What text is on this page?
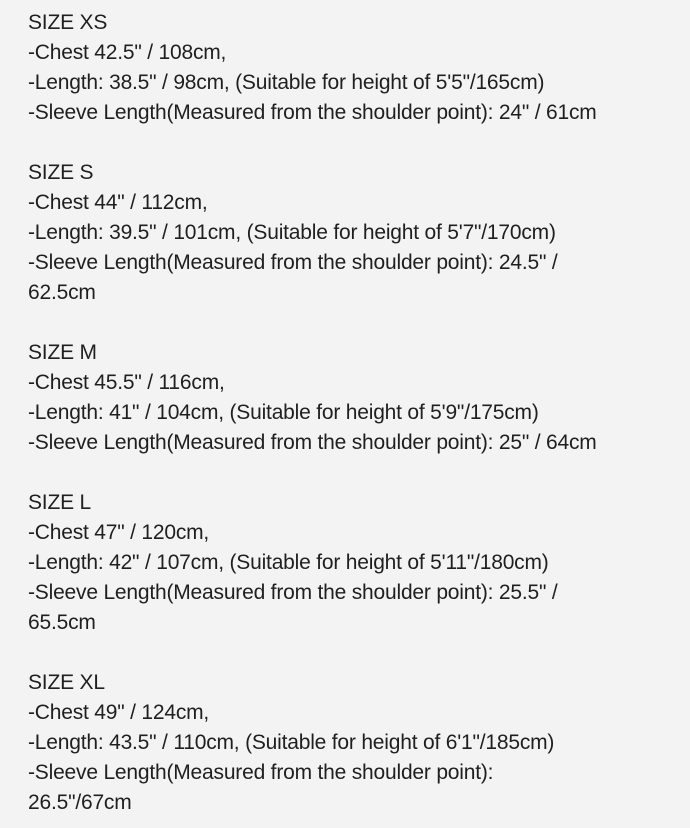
SIZE XS
-Chest 42.5" / 108cm,
-Length: 38.5" / 98cm, (Suitable for height of 5'5"/165cm)
-Sleeve Length(Measured from the shoulder point): 24" / 61cm
SIZE S
-Chest 44" / 112cm,
-Length: 39.5" / 101cm, (Suitable for height of 5'7"/170cm)
-Sleeve Length(Measured from the shoulder point): 24.5" /
62.5cm
SIZE M
-Chest 45.5" / 116cm,
-Length: 41" / 104cm, (Suitable for height of 5'9"/175cm)
-Sleeve Length(Measured from the shoulder point): 25" / 64cm
SIZE L
-Chest 47" / 120cm,
-Length: 42" / 107cm, (Suitable for height of 5'11"/180cm)
-Sleeve Length(Measured from the shoulder point): 25.5" /
65.5cm
SIZE XL
-Chest 49" / 124cm,
-Length: 43.5" / 110cm, (Suitable for height of 6'1"/185cm)
-Sleeve Length(Measured from the shoulder point):
26.5"/67cm
